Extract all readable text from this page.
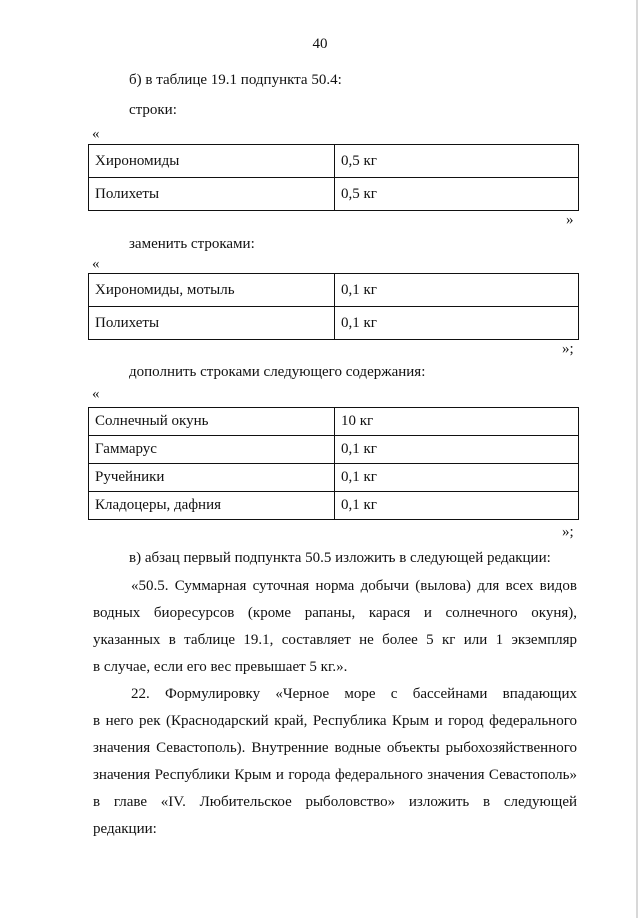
40
б) в таблице 19.1 подпункта 50.4:
строки:
«
Хирономиды	0,5 кг
Полихеты	0,5 кг
»
заменить строками:
«
Хирономиды, мотыль	0,1 кг
Полихеты	0,1 кг
»;
дополнить строками следующего содержания:
«
Солнечный окунь	10 кг
Гаммарус	0,1 кг
Ручейники	0,1 кг
Кладоцеры, дафния	0,1 кг
»;
в) абзац первый подпункта 50.5 изложить в следующей редакции:
«50.5. Суммарная суточная норма добычи (вылова) для всех видов
водных биоресурсов (кроме рапаны, карася и солнечного окуня),
указанных в таблице 19.1, составляет не более 5 кг или 1 экземпляр
в случае, если его вес превышает 5 кг.».
22. Формулировку «Черное море с бассейнами впадающих
в него рек (Краснодарский край, Республика Крым и город федерального
значения Севастополь). Внутренние водные объекты рыбохозяйственного
значения Республики Крым и города федерального значения Севастополь»
в главе «IV. Любительское рыболовство» изложить в следующей
редакции:
